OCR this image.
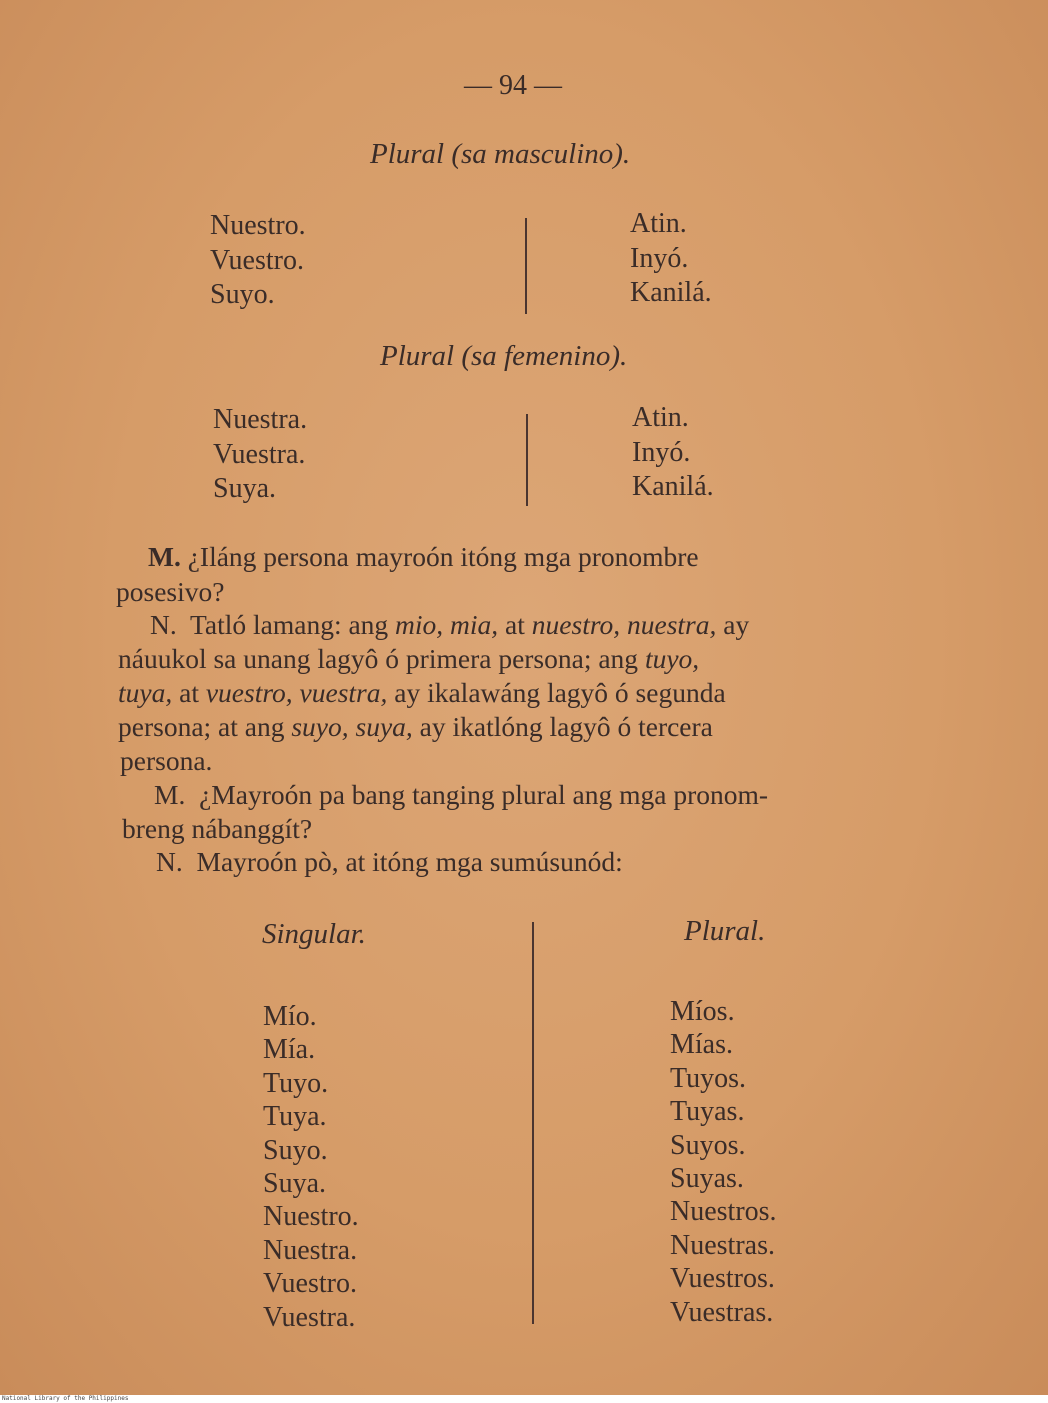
— 94 —
Plural (sa masculino).
Nuestro.
Vuestro.
Suyo.
Atin.
Inyó.
Kanilá.
Plural (sa femenino).
Nuestra.
Vuestra.
Suya.
Atin.
Inyó.
Kanilá.
M. ¿Iláng persona mayroón itóng mga pronombre
posesivo?
N. Tatló lamang: ang mio, mia, at nuestro, nuestra, ay
náuukol sa unang lagyô ó primera persona; ang tuyo,
tuya, at vuestro, vuestra, ay ikalawáng lagyô ó segunda
persona; at ang suyo, suya, ay ikatlóng lagyô ó tercera
persona.
M. ¿Mayroón pa bang tanging plural ang mga pronom-
breng nábanggít?
N. Mayroón pò, at itóng mga sumúsunód:
Singular.	Plural.
Mío.
Mía.
Tuyo.
Tuya.
Suyo.
Suya.
Nuestro.
Nuestra.
Vuestro.
Vuestra.
Míos.
Mías.
Tuyos.
Tuyas.
Suyos.
Suyas.
Nuestros.
Nuestras.
Vuestros.
Vuestras.
National Library of the Philippines
